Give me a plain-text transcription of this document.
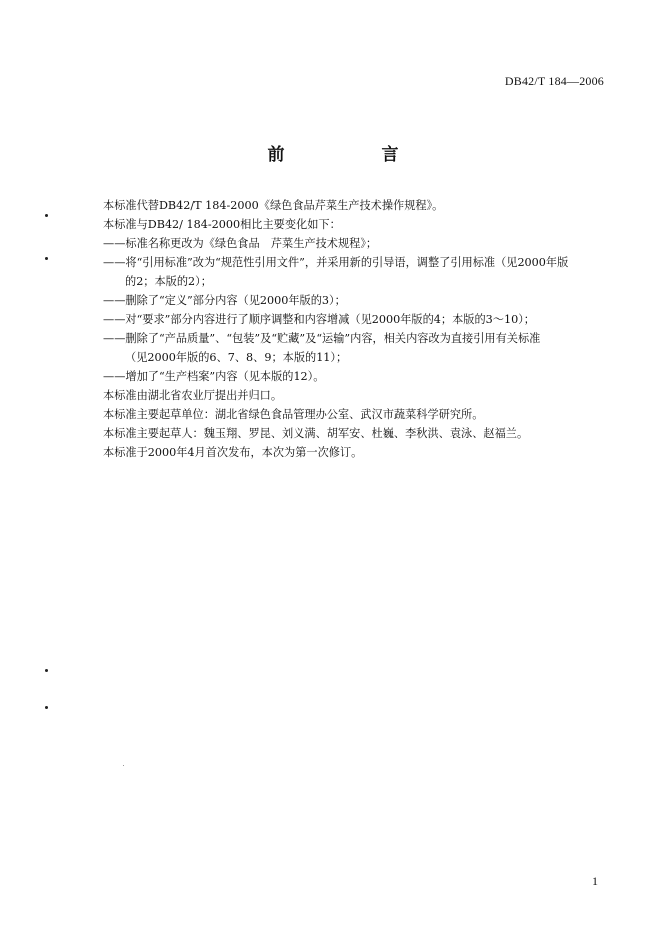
DB42/T 184—2006
前　言
本标准代替DB42/T 184-2000《绿色食品芹菜生产技术操作规程》。
本标准与DB42/ 184-2000相比主要变化如下：
——标准名称更改为《绿色食品　芹菜生产技术规程》；
——将“引用标准”改为“规范性引用文件”，并采用新的引导语，调整了引用标准（见2000年版
的2；本版的2）；
——删除了“定义”部分内容（见2000年版的3）；
——对“要求”部分内容进行了顺序调整和内容增减（见2000年版的4；本版的3～10）；
——删除了“产品质量”、“包装”及“贮藏”及“运输”内容，相关内容改为直接引用有关标准
（见2000年版的6、7、8、9；本版的11）；
——增加了“生产档案”内容（见本版的12）。
本标准由湖北省农业厅提出并归口。
本标准主要起草单位：湖北省绿色食品管理办公室、武汉市蔬菜科学研究所。
本标准主要起草人：魏玉翔、罗昆、刘义满、胡军安、杜巍、李秋洪、袁泳、赵福兰。
本标准于2000年4月首次发布，本次为第一次修订。
1
